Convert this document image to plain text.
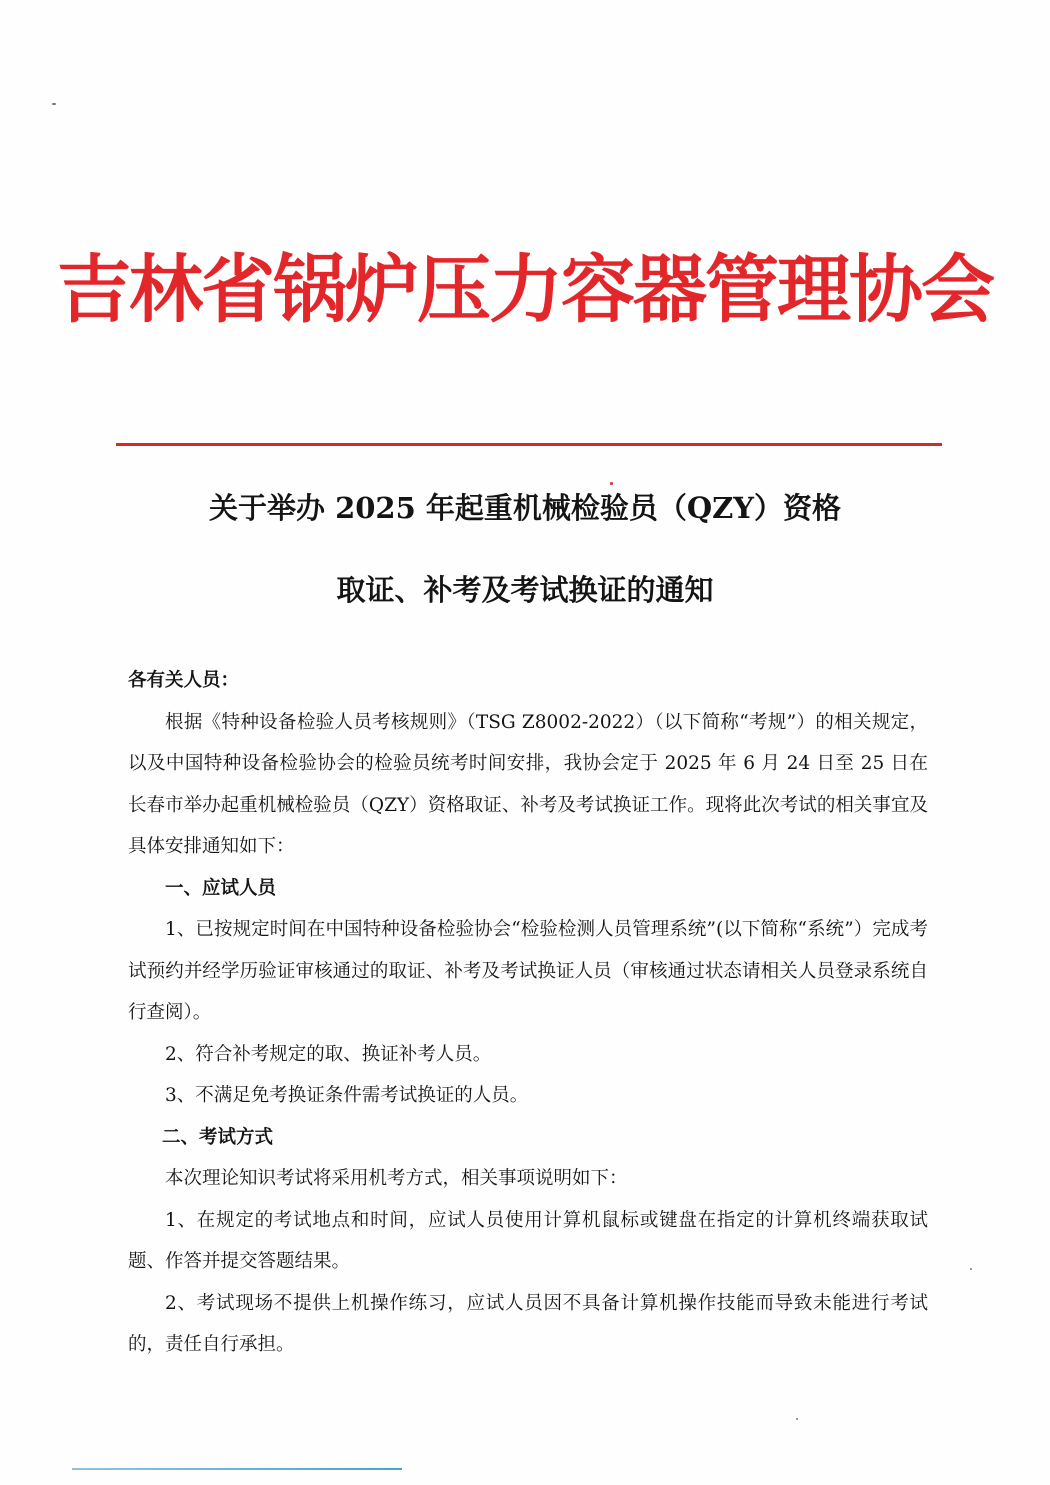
吉林省锅炉压力容器管理协会
关于举办 2025 年起重机械检验员（QZY）资格
取证、补考及考试换证的通知

各有关人员：

根据《特种设备检验人员考核规则》（TSG Z8002-2022）（以下简称“考规”）的相关规定，以及中国特种设备检验协会的检验员统考时间安排，我协会定于 2025 年 6 月 24 日至 25 日在长春市举办起重机械检验员（QZY）资格取证、补考及考试换证工作。现将此次考试的相关事宜及具体安排通知如下：

一、应试人员

1、已按规定时间在中国特种设备检验协会“检验检测人员管理系统”(以下简称“系统”）完成考试预约并经学历验证审核通过的取证、补考及考试换证人员（审核通过状态请相关人员登录系统自行查阅）。

2、符合补考规定的取、换证补考人员。

3、不满足免考换证条件需考试换证的人员。

二、考试方式

本次理论知识考试将采用机考方式，相关事项说明如下：

1、在规定的考试地点和时间，应试人员使用计算机鼠标或键盘在指定的计算机终端获取试题、作答并提交答题结果。

2、考试现场不提供上机操作练习，应试人员因不具备计算机操作技能而导致未能进行考试的，责任自行承担。
